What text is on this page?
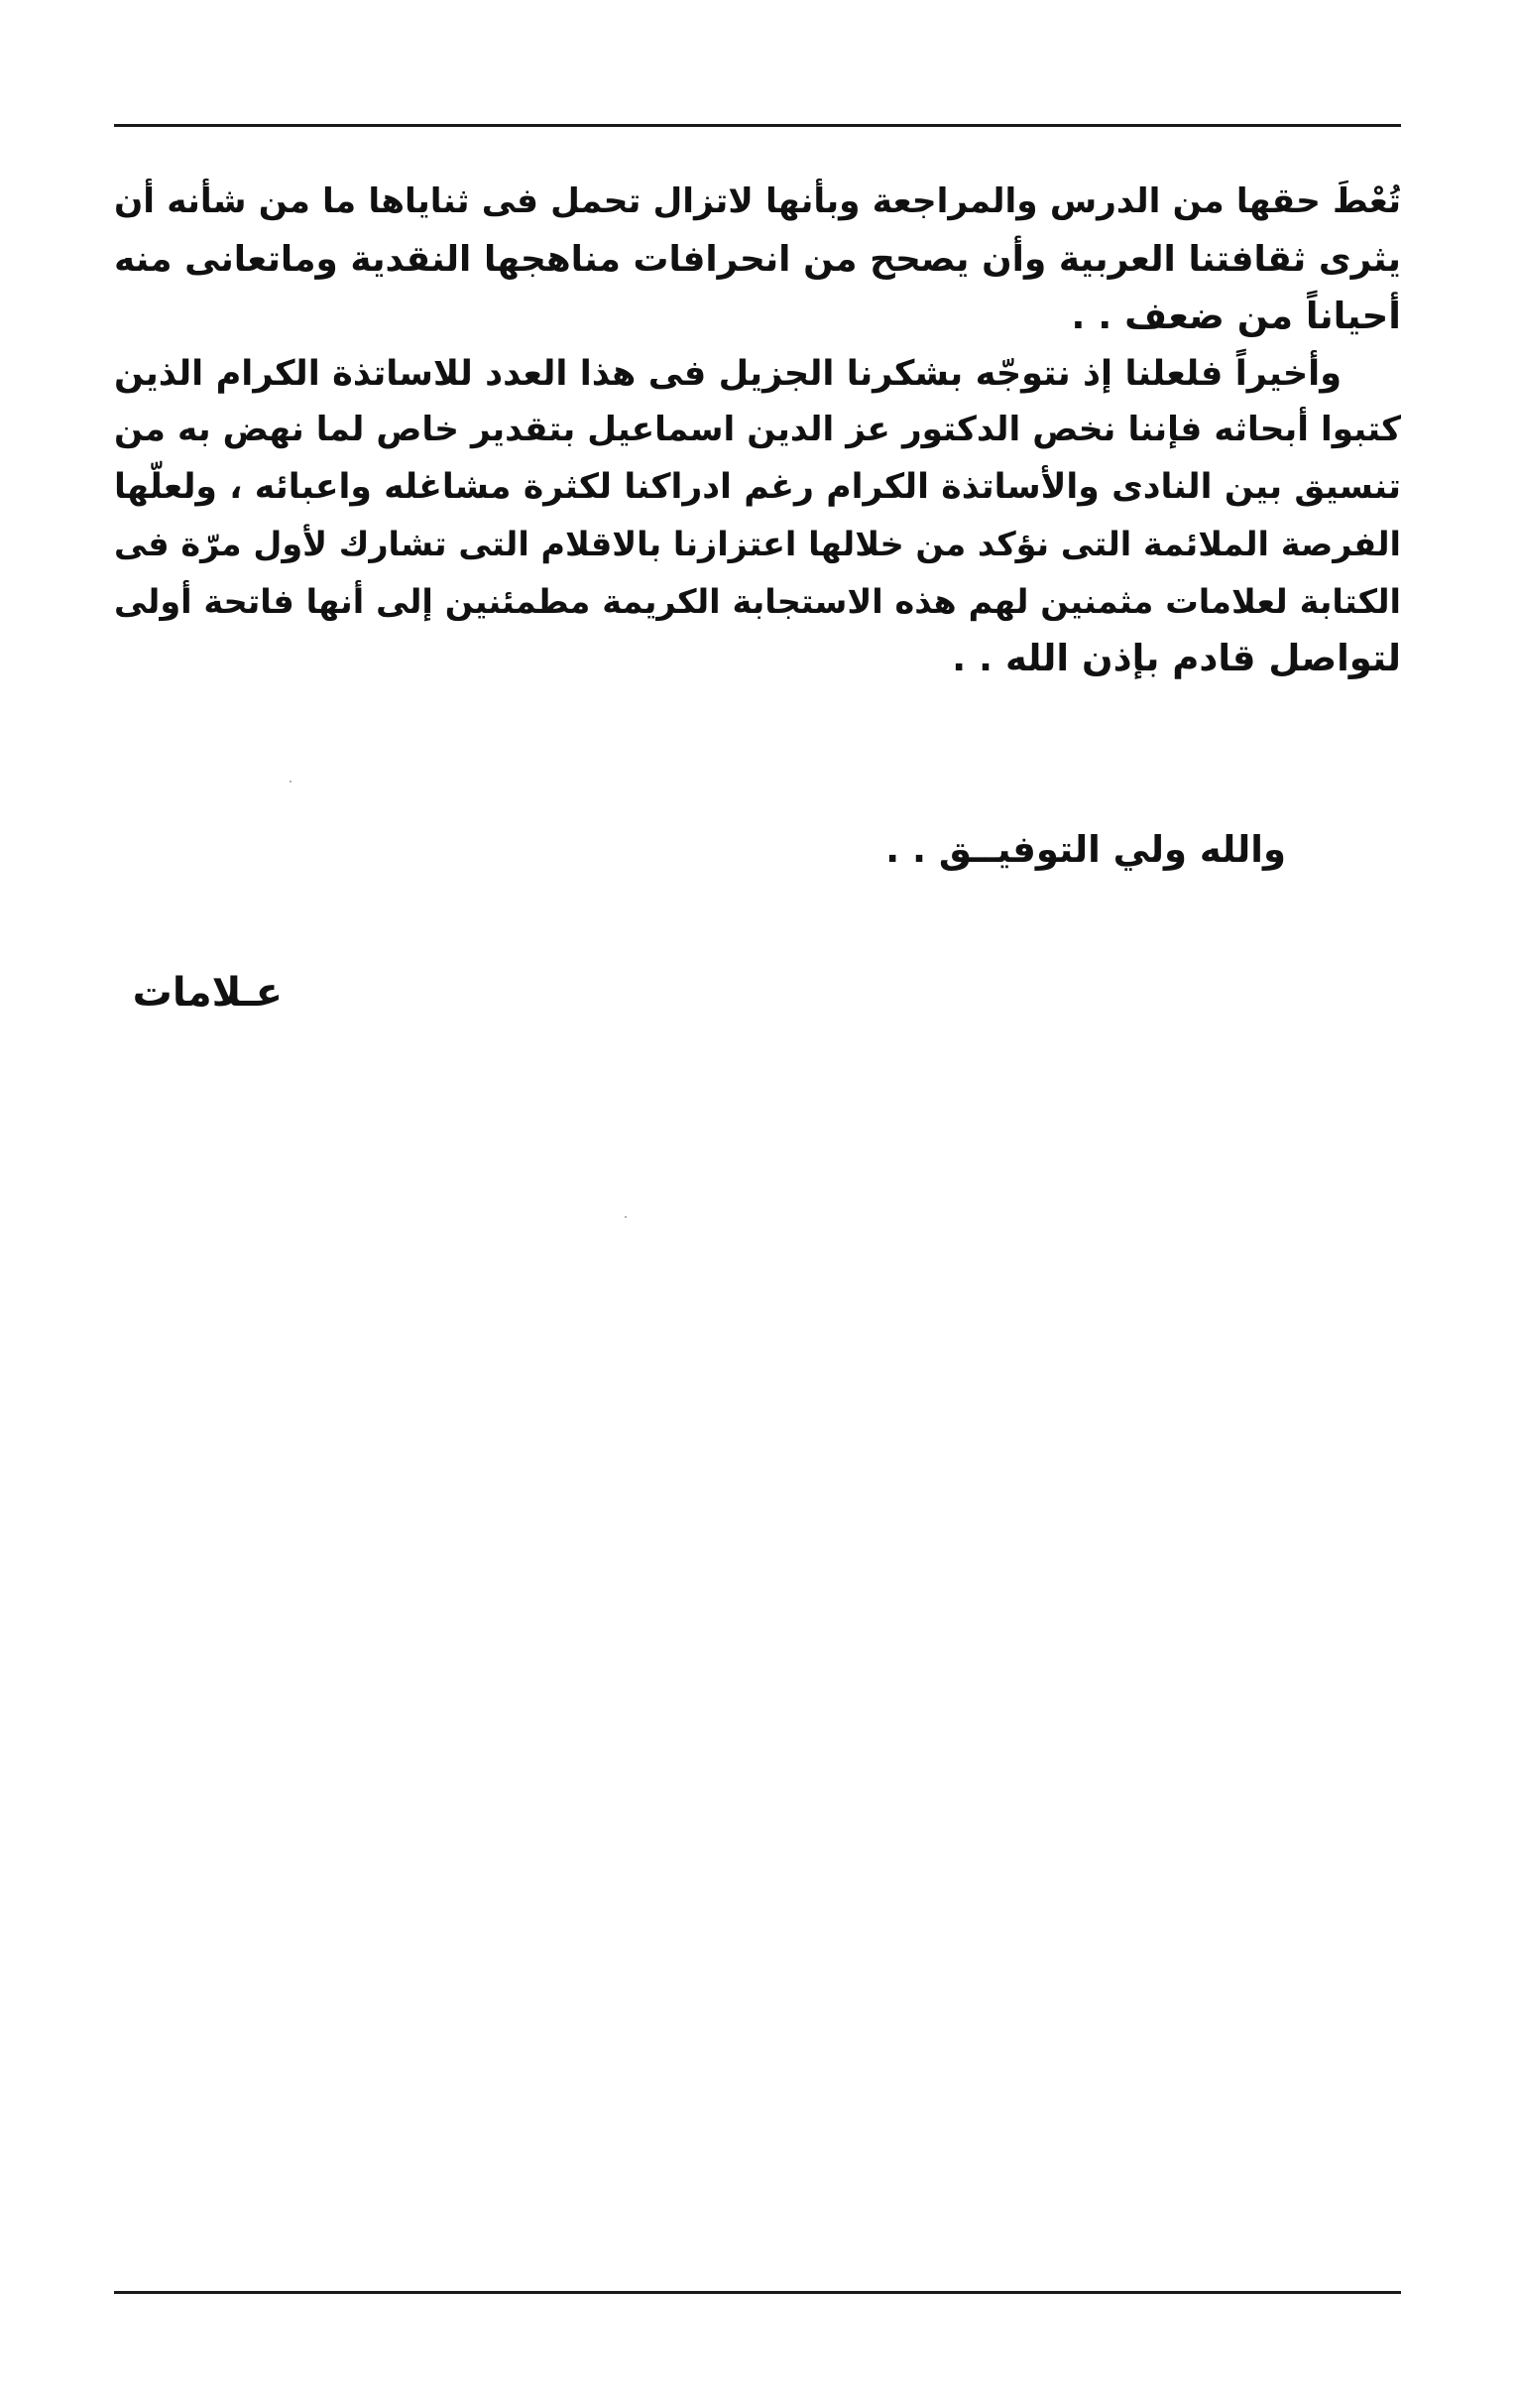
تُعْطَ حقها من الدرس والمراجعة وبأنها لاتزال تحمل فى ثناياها ما من شأنه أن
يثرى ثقافتنا العربية وأن يصحح من انحرافات مناهجها النقدية وماتعانى منه
أحياناً من ضعف . .
وأخيراً فلعلنا إذ نتوجّه بشكرنا الجزيل فى هذا العدد للاساتذة الكرام الذين
كتبوا أبحاثه فإننا نخص الدكتور عز الدين اسماعيل بتقدير خاص لما نهض به من
تنسيق بين النادى والأساتذة الكرام رغم ادراكنا لكثرة مشاغله واعبائه ، ولعلّها
الفرصة الملائمة التى نؤكد من خلالها اعتزازنا بالاقلام التى تشارك لأول مرّة فى
الكتابة لعلامات مثمنين لهم هذه الاستجابة الكريمة مطمئنين إلى أنها فاتحة أولى
لتواصل قادم بإذن الله . .
والله ولي التوفيــق . .
عـلامات
